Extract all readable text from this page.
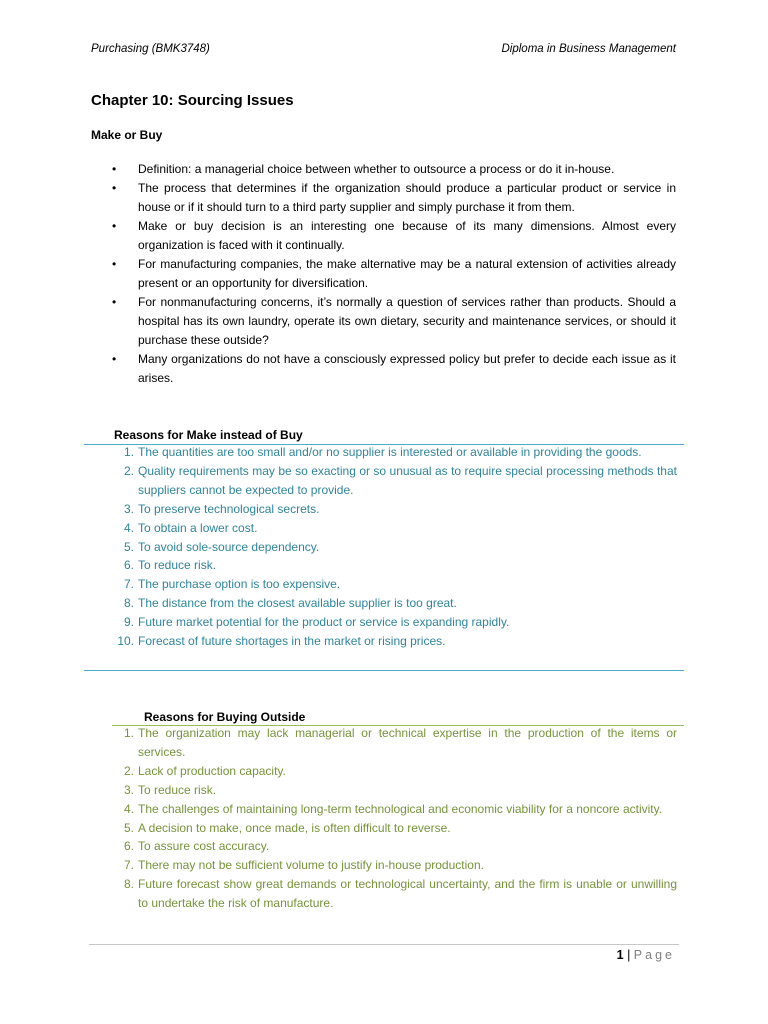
Purchasing (BMK3748)	Diploma in Business Management
Chapter 10: Sourcing Issues
Make or Buy
• Definition: a managerial choice between whether to outsource a process or do it in-house.
• The process that determines if the organization should produce a particular product or service in house or if it should turn to a third party supplier and simply purchase it from them.
• Make or buy decision is an interesting one because of its many dimensions. Almost every organization is faced with it continually.
• For manufacturing companies, the make alternative may be a natural extension of activities already present or an opportunity for diversification.
• For nonmanufacturing concerns, it’s normally a question of services rather than products. Should a hospital has its own laundry, operate its own dietary, security and maintenance services, or should it purchase these outside?
• Many organizations do not have a consciously expressed policy but prefer to decide each issue as it arises.
Reasons for Make instead of Buy
1. The quantities are too small and/or no supplier is interested or available in providing the goods.
2. Quality requirements may be so exacting or so unusual as to require special processing methods that suppliers cannot be expected to provide.
3. To preserve technological secrets.
4. To obtain a lower cost.
5. To avoid sole-source dependency.
6. To reduce risk.
7. The purchase option is too expensive.
8. The distance from the closest available supplier is too great.
9. Future market potential for the product or service is expanding rapidly.
10. Forecast of future shortages in the market or rising prices.
Reasons for Buying Outside
1. The organization may lack managerial or technical expertise in the production of the items or services.
2. Lack of production capacity.
3. To reduce risk.
4. The challenges of maintaining long-term technological and economic viability for a noncore activity.
5. A decision to make, once made, is often difficult to reverse.
6. To assure cost accuracy.
7. There may not be sufficient volume to justify in-house production.
8. Future forecast show great demands or technological uncertainty, and the firm is unable or unwilling to undertake the risk of manufacture.
1 | Page
